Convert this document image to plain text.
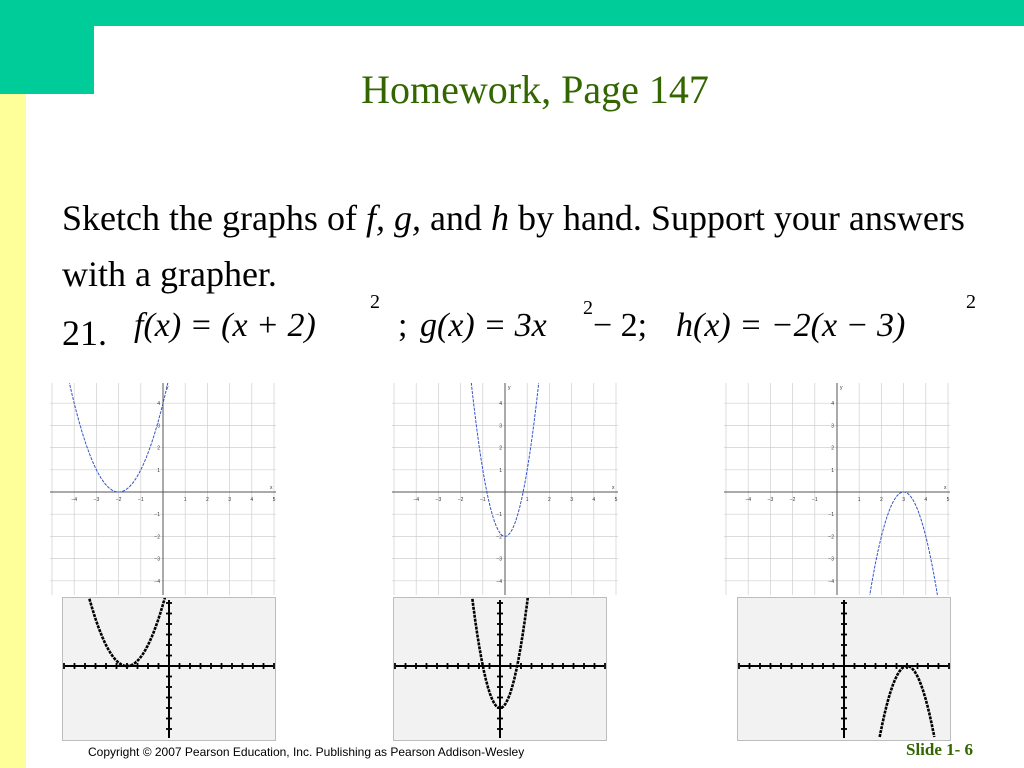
Homework, Page 147
Sketch the graphs of f, g, and h by hand. Support your answers with a grapher.
21. f(x) = (x + 2)
2
; g(x) = 3x 2 − 2; h(x) = −2(x − 3)
2
−4	−3	−2	−1	1	2	3	4	5
4
3
2
1
−1
−2
−3
−4
x
y
−4	−3	−2	−1	1	2	3	4	5
4
3
2
1
−1
−2
−3
−4
x
y
−4	−3	−2	−1	1	2	3	4	5
4
3
2
1
−1
−2
−3
−4
x
y
Copyright © 2007 Pearson Education, Inc. Publishing as Pearson Addison-Wesley	Slide 1- 6
